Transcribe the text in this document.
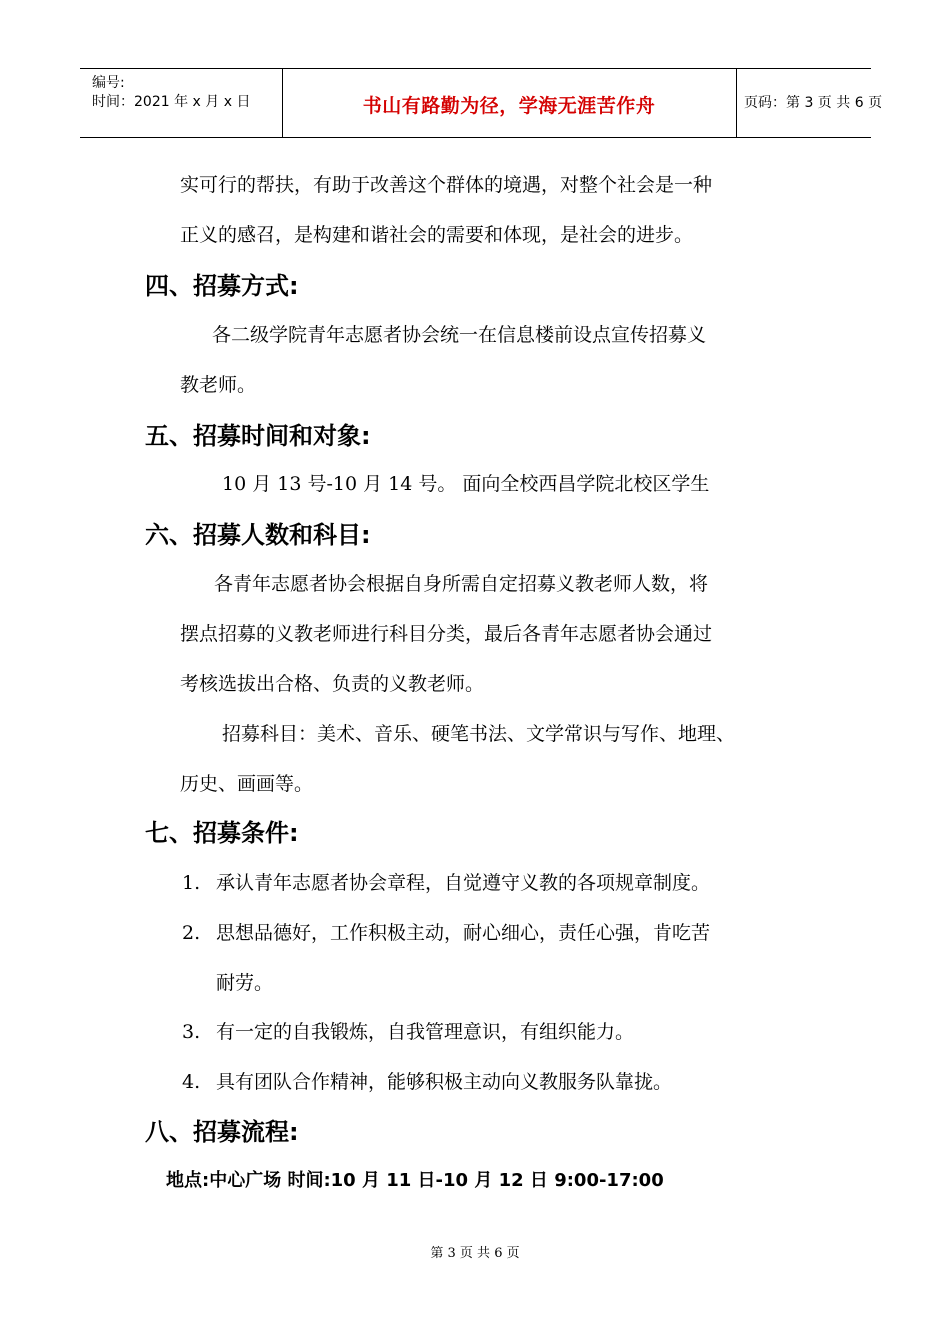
编号:
时间：2021 年 x 月 x 日	书山有路勤为径，学海无涯苦作舟	页码：第 3 页 共 6 页
实可行的帮扶，有助于改善这个群体的境遇，对整个社会是一种
正义的感召，是构建和谐社会的需要和体现，是社会的进步。
四、招募方式:
各二级学院青年志愿者协会统一在信息楼前设点宣传招募义
教老师。
五、招募时间和对象:
10 月 13 号-10 月 14 号。 面向全校西昌学院北校区学生
六、招募人数和科目:
各青年志愿者协会根据自身所需自定招募义教老师人数，将
摆点招募的义教老师进行科目分类，最后各青年志愿者协会通过
考核选拔出合格、负责的义教老师。
招募科目：美术、音乐、硬笔书法、文学常识与写作、地理、
历史、画画等。
七、招募条件:
1. 承认青年志愿者协会章程，自觉遵守义教的各项规章制度。
2. 思想品德好，工作积极主动，耐心细心，责任心强，肯吃苦
耐劳。
3. 有一定的自我锻炼，自我管理意识，有组织能力。
4. 具有团队合作精神，能够积极主动向义教服务队靠拢。
八、招募流程:
地点:中心广场 时间:10 月 11 日-10 月 12 日 9:00-17:00
第 3 页 共 6 页
